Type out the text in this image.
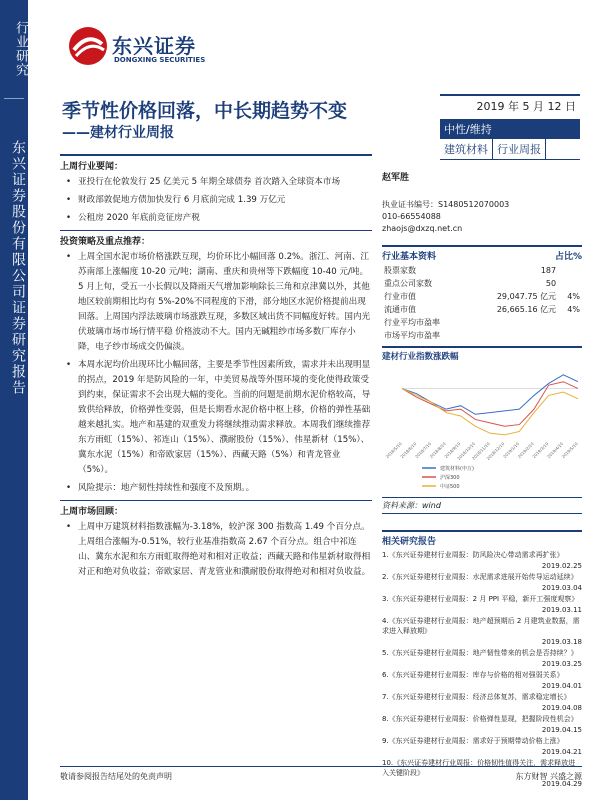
行业研究
东兴证券股份有限公司证券研究报告
东兴证券
DONGXING SECURITIES
季节性价格回落，中长期趋势不变
——建材行业周报
2019 年 5 月 12 日
中性/维持
建筑材料 行业周报
上周行业要闻：
• 亚投行在伦敦发行 25 亿美元 5 年期全球债券 首次踏入全球资本市场
• 财政部敦促地方债加快发行 6 月底前完成 1.39 万亿元
• 公租房 2020 年底前竞征房产税
投资策略及重点推荐：
• 上周全国水泥市场价格涨跌互现，均价环比小幅回落 0.2%。浙江、河南、江苏南部上涨幅度 10-20 元/吨；湖南、重庆和贵州等下跌幅度 10-40 元/吨。5 月上旬，受五一小长假以及降雨天气增加影响除长三角和京津冀以外，其他地区较前期相比均有 5%-20%不同程度的下滑，部分地区水泥价格提前出现回落。上周国内浮法玻璃市场涨跌互现，多数区域出货不同幅度好转。国内光伏玻璃市场市场行情平稳 价格波动不大。国内无碱粗纱市场多数厂库存小降，电子纱市场成交仍偏淡。
• 本周水泥均价出现环比小幅回落，主要是季节性因素所致，需求并未出现明显的拐点，2019 年是防风险的一年，中美贸易战等外围环境的变化使得政策受到约束，保证需求不会出现大幅的变化。当前的问题是前期水泥价格较高，导致供给释放，价格弹性变弱，但是长期看水泥价格中枢上移，价格的弹性基础越来越扎实。地产和基建的双重发力将继续推动需求释放。本周我们继续推荐东方雨虹（15%）、祁连山（15%）、濮耐股份（15%）、伟星新材（15%）、冀东水泥（15%）和帝欧家居（15%）、西藏天路（5%）和青龙管业（5%）。
• 风险提示：地产韧性持续性和强度不及预期。。
上周市场回顾：
• 上周申万建筑材料指数涨幅为-3.18%，较沪深 300 指数高 1.49 个百分点。上周组合涨幅为-0.51%，较行业基准指数高 2.67 个百分点。组合中祁连山、冀东水泥和东方雨虹取得绝对和相对正收益；西藏天路和伟星新材取得相对正和绝对负收益；帝欧家居、青龙管业和濮耐股份取得绝对和相对负收益。
赵军胜
执业证书编号：S1480512070003
010-66554088
zhaojs@dxzq.net.cn
行业基本资料	占比%
股票家数	187	
重点公司家数	50	
行业市值	29,047.75 亿元	4%
流通市值	26,665.16 亿元	4%
行业平均市盈率		
市场平均市盈率		
建材行业指数涨跌幅
建筑材料(申万)
沪深300
中证500
2018/5/10
2018/6/10
2018/7/10
2018/8/10
2018/9/10
2018/10/10
2018/11/10
2018/12/10
2019/1/10
2019/2/10
2019/3/10
2019/4/10
2019/5/10
资料来源：wind
相关研究报告
1.《东兴证券建材行业周报：防风险决心带动需求再扩张》
2019.02.25
2.《东兴证券建材行业周报：水泥需求进展开始传导运动延续》
2019.03.04
3.《东兴证券建材行业周报：2 月 PPI 平稳，新开工强度观察》
2019.03.11
4.《东兴证券建材行业周报：地产超预期后 2 月建筑业数据，需求进入释放期》
2019.03.18
5.《东兴证券建材行业周报：地产韧性带来的机会是否持续？》
2019.03.25
6.《东兴证券建材行业周报：库存与价格的相对强弱关系》
2019.04.01
7.《东兴证券建材行业周报：经济总体复苏，需求稳定增长》
2019.04.08
8.《东兴证券建材行业周报：价格弹性显现，把握阶段性机会》
2019.04.15
9.《东兴证券建材行业周报：需求好于预期带动价格上涨》
2019.04.21
10.《东兴证券建材行业周报：价格韧性值得关注，需求释放进入关键阶段》
2019.04.29
敬请参阅报告结尾处的免责声明	东方财智 兴盛之源
